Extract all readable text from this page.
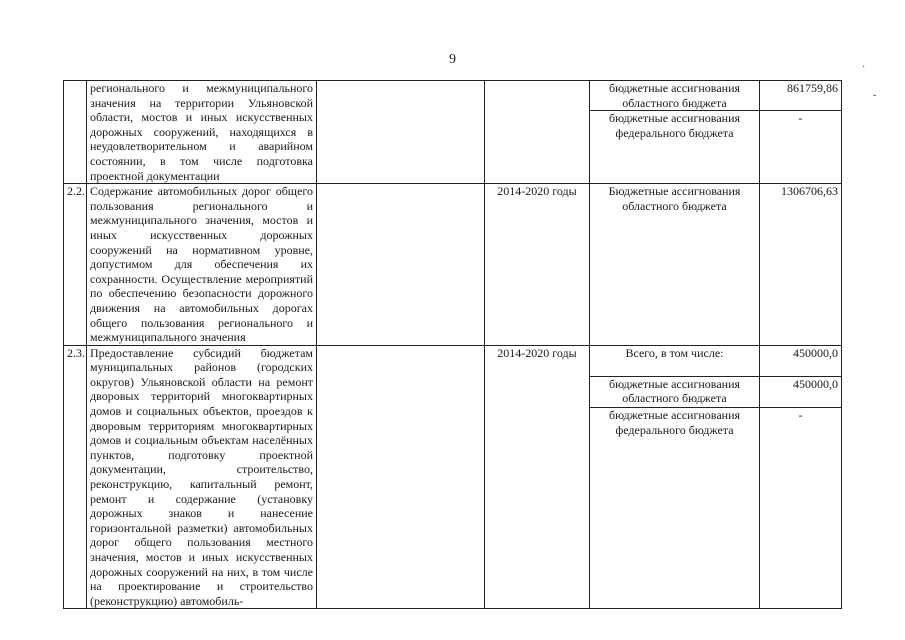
9
·
-
	регионального и межмуниципального значения на территории Ульяновской области, мостов и иных искусственных дорожных сооружений, находящихся в неудовлетворительном и аварийном состоянии, в том числе подготовка проектной документации			бюджетные ассигнования областного бюджета	861759,86
				бюджетные ассигнования федерального бюджета	-
2.2.	Содержание автомобильных дорог общего пользования регионального и межмуниципального значения, мостов и иных искусственных дорожных сооружений на нормативном уровне, допустимом для обеспечения их сохранности. Осуществление мероприятий по обеспечению безопасности дорожного движения на автомобильных дорогах общего пользования регионального и межмуниципального значения		2014-2020 годы	Бюджетные ассигнования областного бюджета	1306706,63
2.3.	Предоставление субсидий бюджетам муниципальных районов (городских округов) Ульяновской области на ремонт дворовых территорий многоквартирных домов и социальных объектов, проездов к дворовым территориям многоквартирных домов и социальным объектам населённых пунктов, подготовку проектной документации, строительство, реконструкцию, капитальный ремонт, ремонт и содержание (установку дорожных знаков и нанесение горизонтальной разметки) автомобильных дорог общего пользования местного значения, мостов и иных искусственных дорожных сооружений на них, в том числе на проектирование и строительство (реконструкцию) автомобиль-		2014-2020 годы	Всего, в том числе:	450000,0
				бюджетные ассигнования областного бюджета	450000,0
				бюджетные ассигнования федерального бюджета	-
